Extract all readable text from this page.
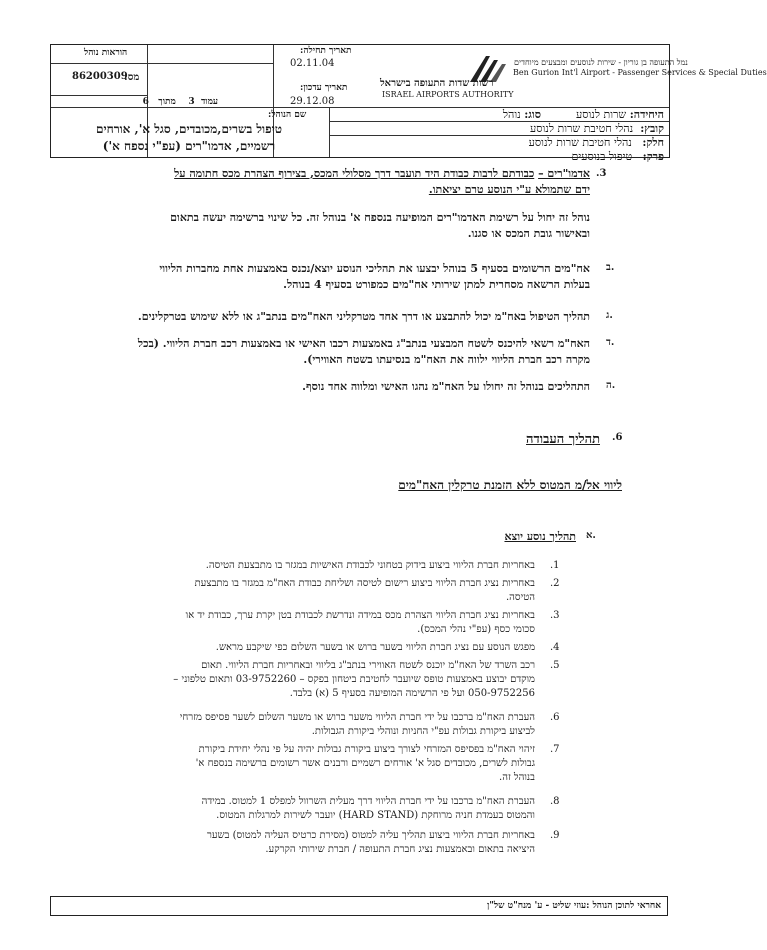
הוראות נוהל
מס:
86200309
עמוד  3    מתוך   6
תאריך תחילה:
02.11.04
תאריך עדכון:
29.12.08
נמל התעופה בן גוריון - שירות לנוסעים ומבצעים מיוחדים
Ben Gurion Int'l Airport - Passenger Services & Special Duties
רשות שדות התעופה בישראל
ISRAEL AIRPORTS AUTHORITY
היחידה: שרות לנוסע          סוג: נוהל
קובץ:  נהלי חטיבת שרות לנוסע
חלק:   נהלי חטיבת שרות לנוסע
פרק:   טיפול בנוסעים
שם הנוהל:
טיפול בשרים,מכובדים, סגל א', אורחים
רשמיים, אדמו"רים (עפ"י נספח א')
.3
אדמו"רים – כבודתם לרבות כבודת היד תועבר דרך מסלולי המכס, בצירוף הצהרת מכס חתומה על
ידם שתמולא ע"י הנוסע טרם יציאתו.
נוהל זה יחול על רשימת האדמו"רים המופיעה בנספח א' בנוהל זה. כל שינוי ברשימה יעשה בתאום
ובאישור גובת המכס או סגנו.
ב.
אח"מים הרשומים בסעיף 5 בנוהל יבצעו את תהליכי הנוסע יוצא/נכנס באמצעות אחת מחברות הליווי
בעלות הרשאה מסחרית למתן שירותי אח"מים כמפורט בסעיף 4 בנוהל.
ג.
תהליך הטיפול באח"מ יכול להתבצע או דרך אחד מטרקליני האח"מים בנתב"ג או ללא שימוש בטרקלינים.
ד.
האח"מ רשאי להיכנס לשטח המבצעי בנתב"ג באמצעות רכבו האישי או באמצעות רכב חברת הליווי. (בכל
מקרה רכב חברת הליווי ילווה את האח"מ בנסיעתו בשטח האווירי).
ה.
התהליכים בנוהל זה יחולו על האח"מ נהגו האישי ומלווה אחד נוסף.
.6
תהליך העבודה
ליווי אל/מ המטוס ללא הזמנת טרקלין האח"מים
א.
תהליך נוסע יוצא
.1
באחריות חברת הליווי ביצוע בידוק בטחוני לכבודת האישיות במגזר בו מתבצעת הטיסה.
.2
באחריות נציג חברת הליווי ביצוע רישום לטיסה ושליחת כבודת האח"מ במגזר בו מתבצעת
הטיסה.
.3
באחריות נציג חברת הליווי הצהרת מכס במידה ונדרשת לכבודת בטן יקרת ערך, כבודת יד או
סכומי כסף (עפ"י נהלי המכס).
.4
מפגש הנוסע עם נציג חברת הליווי בשער ברוש או בשער השלום כפי שיקבע מראש.
.5
רכב השרד של האח"מ יוכנס לשטח האווירי בנתב"ג בליווי ובאחריות חברת הליווי. תאום
מוקדם יבוצע באמצעות טופס שיועבר לחטיבת ביטחון בפקס – 03-9752260 ותאום טלפוני –
050-9752256 ועל פי הרשימה המופיעה בסעיף 5 (א) בלבד.
.6
העברת האח"מ ברכבו על ידי חברת הליווי משער ברוש או משער השלום לשער פסיפס מזרחי
לביצוע ביקורת גבולות עפ"י החניות ונוהלי ביקורת הגבולות.
.7
זיהוי האח"מ בפסיפס המזרחי לצורך ביצוע ביקורת גבולות יהיה על פי נהלי יחידת ביקורת
גבולות לשרים, מכובדים סגל א' אורחים רשמיים ורבנים אשר רשומים ברשימה בנספח א'
בנוהל זה.
.8
העברת האח"מ ברכבו על ידי חברת הליווי דרך מעלית השרוול למפלס 1 למטוס. במידה
והמטוס בעמדת חניה מרוחקת (HARD STAND) יועבר לשירות למרגלות המטוס.
.9
באחריות חברת הליווי ביצוע תהליך עליה למטוס (מסירת כרטיס העליה למטוס) בשער
היציאה בתאום ובאמצעות נציג חברת התעופה / חברת שירותי הקרקע.
אחראי לתוכן הנוהל :עוזי שליט - ע' מנח"ט של"ן
